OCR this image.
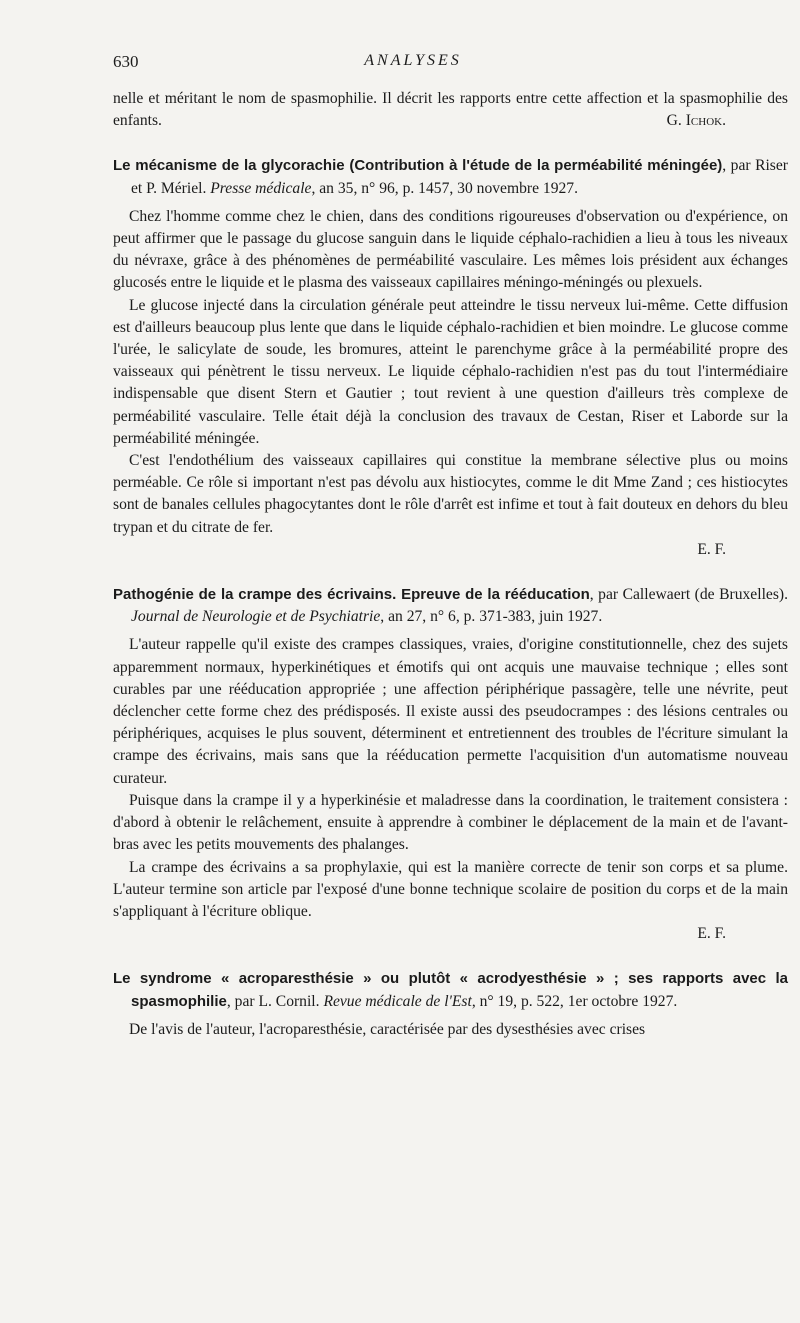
630	ANALYSES

nelle et méritant le nom de spasmophilie. Il décrit les rapports entre cette affection et la spasmophilie des enfants.	G. Ichok.

Le mécanisme de la glycorachie (Contribution à l'étude de la perméabilité méningée), par Riser et P. Mériel. Presse médicale, an 35, n° 96, p. 1457, 30 novembre 1927.

Chez l'homme comme chez le chien, dans des conditions rigoureuses d'observation ou d'expérience, on peut affirmer que le passage du glucose sanguin dans le liquide céphalo-rachidien a lieu à tous les niveaux du névraxe, grâce à des phénomènes de perméabilité vasculaire. Les mêmes lois président aux échanges glucosés entre le liquide et le plasma des vaisseaux capillaires méningo-méningés ou plexuels.

Le glucose injecté dans la circulation générale peut atteindre le tissu nerveux lui-même. Cette diffusion est d'ailleurs beaucoup plus lente que dans le liquide céphalo-rachidien et bien moindre. Le glucose comme l'urée, le salicylate de soude, les bromures, atteint le parenchyme grâce à la perméabilité propre des vaisseaux qui pénètrent le tissu nerveux. Le liquide céphalo-rachidien n'est pas du tout l'intermédiaire indispensable que disent Stern et Gautier ; tout revient à une question d'ailleurs très complexe de perméabilité vasculaire. Telle était déjà la conclusion des travaux de Cestan, Riser et Laborde sur la perméabilité méningée.

C'est l'endothélium des vaisseaux capillaires qui constitue la membrane sélective plus ou moins perméable. Ce rôle si important n'est pas dévolu aux histiocytes, comme le dit Mme Zand ; ces histiocytes sont de banales cellules phagocytantes dont le rôle d'arrêt est infime et tout à fait douteux en dehors du bleu trypan et du citrate de fer.

E. F.

Pathogénie de la crampe des écrivains. Epreuve de la rééducation, par Callewaert (de Bruxelles). Journal de Neurologie et de Psychiatrie, an 27, n° 6, p. 371-383, juin 1927.

L'auteur rappelle qu'il existe des crampes classiques, vraies, d'origine constitutionnelle, chez des sujets apparemment normaux, hyperkinétiques et émotifs qui ont acquis une mauvaise technique ; elles sont curables par une rééducation appropriée ; une affection périphérique passagère, telle une névrite, peut déclencher cette forme chez des prédisposés. Il existe aussi des pseudocrampes : des lésions centrales ou périphériques, acquises le plus souvent, déterminent et entretiennent des troubles de l'écriture simulant la crampe des écrivains, mais sans que la rééducation permette l'acquisition d'un automatisme nouveau curateur.

Puisque dans la crampe il y a hyperkinésie et maladresse dans la coordination, le traitement consistera : d'abord à obtenir le relâchement, ensuite à apprendre à combiner le déplacement de la main et de l'avant-bras avec les petits mouvements des phalanges.

La crampe des écrivains a sa prophylaxie, qui est la manière correcte de tenir son corps et sa plume. L'auteur termine son article par l'exposé d'une bonne technique scolaire de position du corps et de la main s'appliquant à l'écriture oblique.

E. F.

Le syndrome « acroparesthésie » ou plutôt « acrodyesthésie » ; ses rapports avec la spasmophilie, par L. Cornil. Revue médicale de l'Est, n° 19, p. 522, 1er octobre 1927.

De l'avis de l'auteur, l'acroparesthésie, caractérisée par des dysesthésies avec crises
